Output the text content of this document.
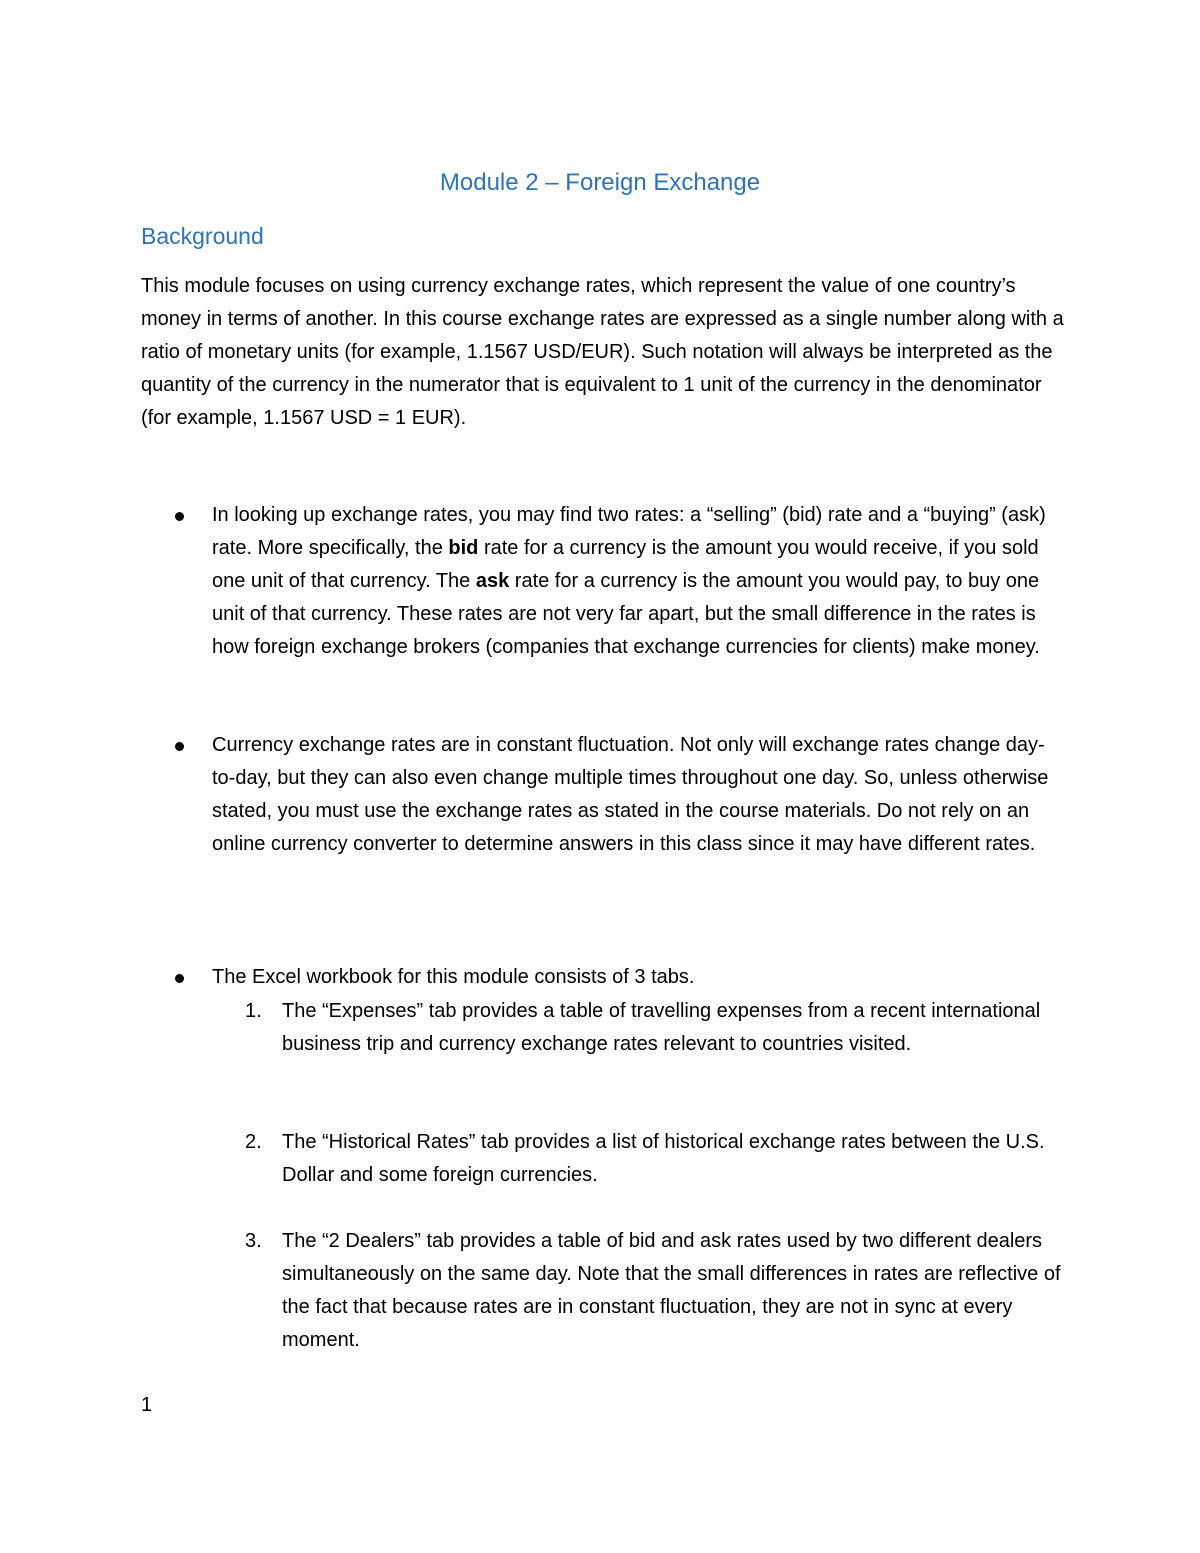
Module 2 – Foreign Exchange
Background
This module focuses on using currency exchange rates, which represent the value of one country’s money in terms of another. In this course exchange rates are expressed as a single number along with a ratio of monetary units (for example, 1.1567 USD/EUR). Such notation will always be interpreted as the quantity of the currency in the numerator that is equivalent to 1 unit of the currency in the denominator (for example, 1.1567 USD = 1 EUR).
In looking up exchange rates, you may find two rates: a “selling” (bid) rate and a “buying” (ask) rate. More specifically, the bid rate for a currency is the amount you would receive, if you sold one unit of that currency. The ask rate for a currency is the amount you would pay, to buy one unit of that currency. These rates are not very far apart, but the small difference in the rates is how foreign exchange brokers (companies that exchange currencies for clients) make money.
Currency exchange rates are in constant fluctuation. Not only will exchange rates change day-to-day, but they can also even change multiple times throughout one day. So, unless otherwise stated, you must use the exchange rates as stated in the course materials. Do not rely on an online currency converter to determine answers in this class since it may have different rates.
The Excel workbook for this module consists of 3 tabs.
1. The “Expenses” tab provides a table of travelling expenses from a recent international business trip and currency exchange rates relevant to countries visited.
2. The “Historical Rates” tab provides a list of historical exchange rates between the U.S. Dollar and some foreign currencies.
3. The “2 Dealers” tab provides a table of bid and ask rates used by two different dealers simultaneously on the same day. Note that the small differences in rates are reflective of the fact that because rates are in constant fluctuation, they are not in sync at every moment.
1
